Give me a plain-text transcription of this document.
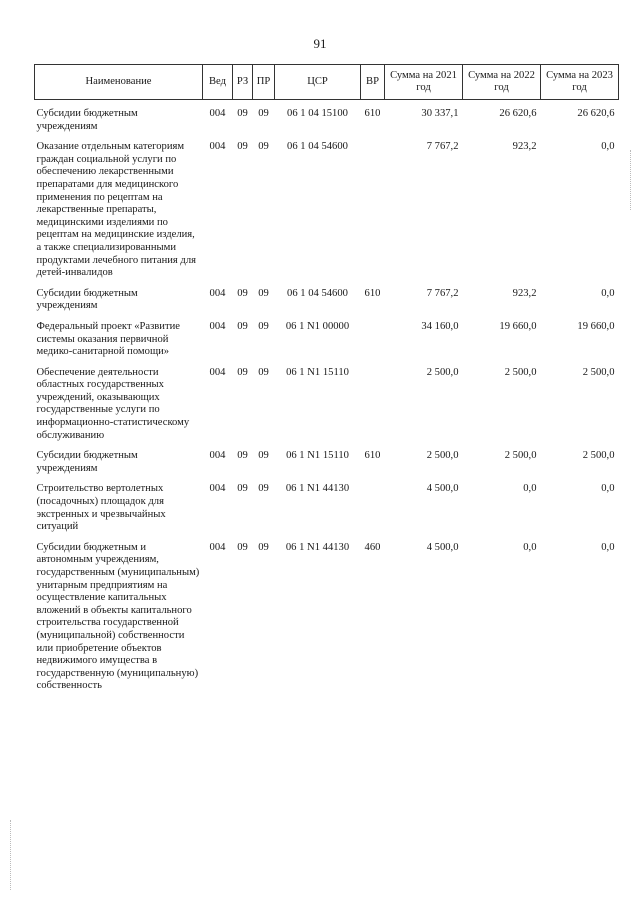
91
Наименование	Вед	РЗ	ПР	ЦСР	ВР	Сумма на 2021 год	Сумма на 2022 год	Сумма на 2023 год

Субсидии бюджетным учреждениям	004	09	09	06 1 04 15100	610	30 337,1	26 620,6	26 620,6

Оказание отдельным категориям граждан социальной услуги по обеспечению лекарственными препаратами для медицинского применения по рецептам на лекарственные препараты, медицинскими изделиями по рецептам на медицинские изделия, а также специализированными продуктами лечебного питания для детей-инвалидов	004	09	09	06 1 04 54600		7 767,2	923,2	0,0

Субсидии бюджетным учреждениям	004	09	09	06 1 04 54600	610	7 767,2	923,2	0,0

Федеральный проект «Развитие системы оказания первичной медико-санитарной помощи»	004	09	09	06 1 N1 00000		34 160,0	19 660,0	19 660,0

Обеспечение деятельности областных государственных учреждений, оказывающих государственные услуги по информационно-статистическому обслуживанию	004	09	09	06 1 N1 15110		2 500,0	2 500,0	2 500,0

Субсидии бюджетным учреждениям	004	09	09	06 1 N1 15110	610	2 500,0	2 500,0	2 500,0

Строительство вертолетных (посадочных) площадок для экстренных и чрезвычайных ситуаций	004	09	09	06 1 N1 44130		4 500,0	0,0	0,0

Субсидии бюджетным и автономным учреждениям, государственным (муниципальным) унитарным предприятиям на осуществление капитальных вложений в объекты капитального строительства государственной (муниципальной) собственности или приобретение объектов недвижимого имущества в государственную (муниципальную) собственность	004	09	09	06 1 N1 44130	460	4 500,0	0,0	0,0
